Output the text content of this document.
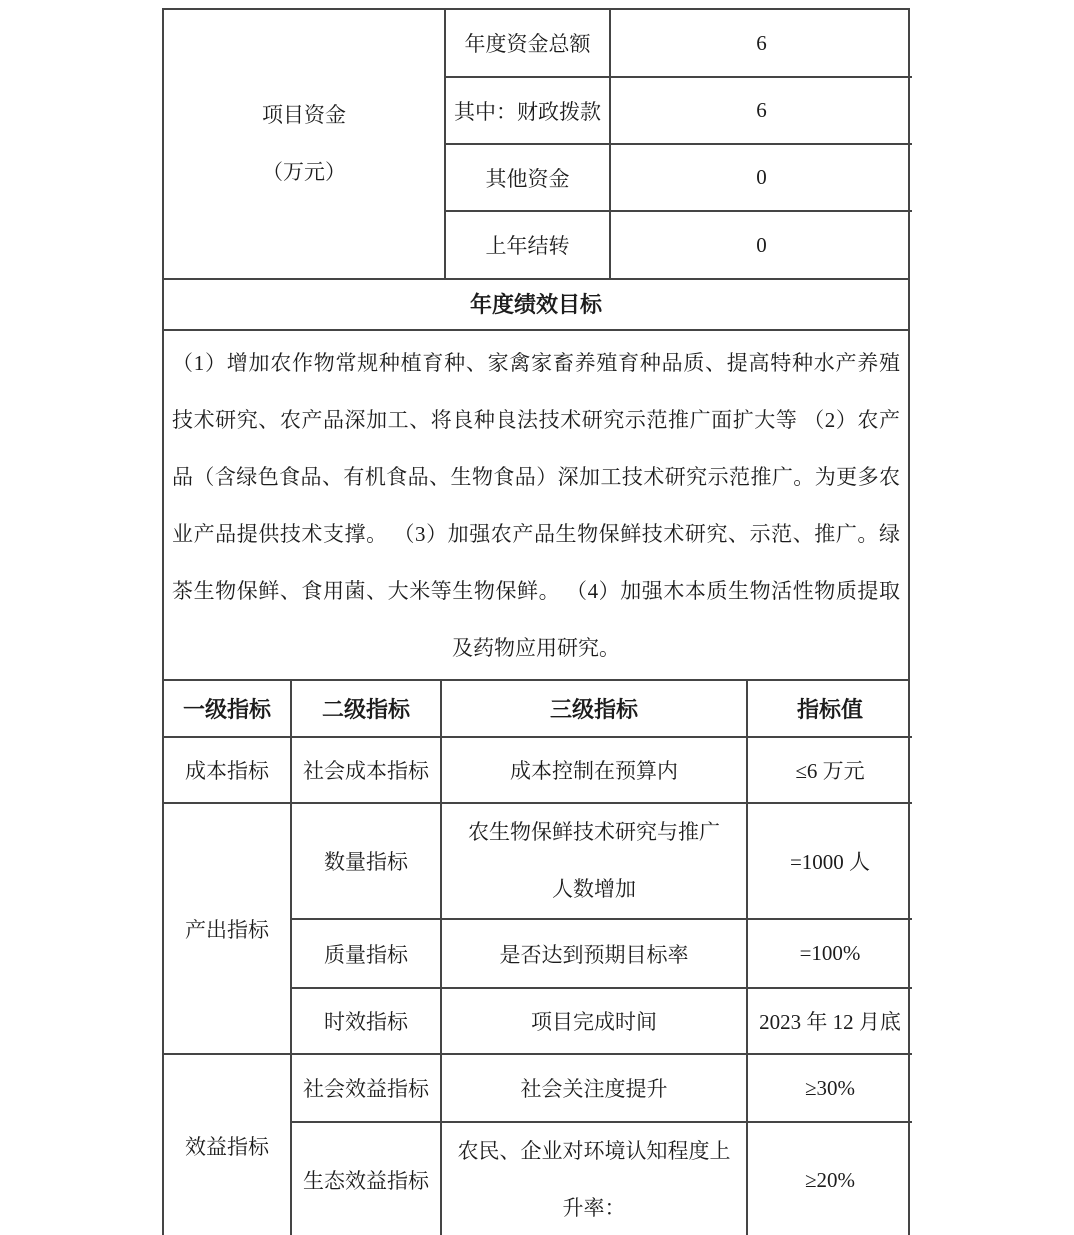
项目资金
（万元）	年度资金总额	6
	其中：财政拨款	6
	其他资金	0
	上年结转	0
年度绩效目标
（1）增加农作物常规种植育种、家禽家畜养殖育种品质、提高特种水产养殖
技术研究、农产品深加工、将良种良法技术研究示范推广面扩大等 （2）农产
品（含绿色食品、有机食品、生物食品）深加工技术研究示范推广。为更多农
业产品提供技术支撑。 （3）加强农产品生物保鲜技术研究、示范、推广。绿
茶生物保鲜、食用菌、大米等生物保鲜。 （4）加强木本质生物活性物质提取
及药物应用研究。
一级指标	二级指标	三级指标	指标值
成本指标	社会成本指标	成本控制在预算内	≤6 万元
产出指标	数量指标	农生物保鲜技术研究与推广
人数增加	=1000 人
	质量指标	是否达到预期目标率	=100%
	时效指标	项目完成时间	2023 年 12 月底
效益指标	社会效益指标	社会关注度提升	≥30%
	生态效益指标	农民、企业对环境认知程度上
升率：	≥20%
